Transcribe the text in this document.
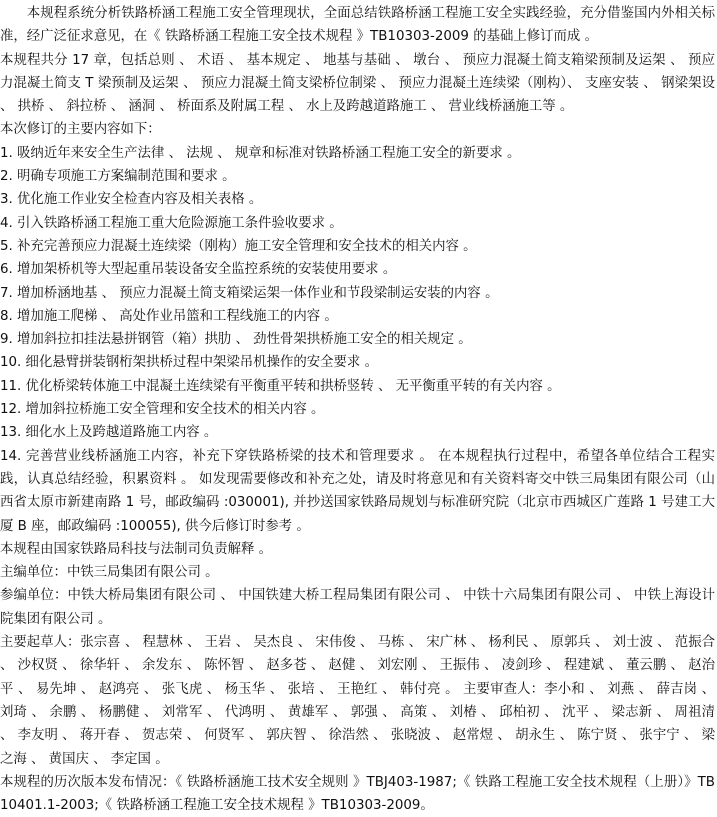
本规程系统分析铁路桥涵工程施工安全管理现状，全面总结铁路桥涵工程施工安全实践经验，充分借鉴国内外相关标准，经广泛征求意见，在《 铁路桥涵工程施工安全技术规程 》TB10303-2009 的基础上修订而成 。

本规程共分 17 章，包括总则 、 术语 、 基本规定 、 地基与基础 、 墩台 、 预应力混凝土简支箱梁预制及运架 、 预应力混凝土简支 T 梁预制及运架 、 预应力混凝土简支梁桥位制梁 、 预应力混凝土连续梁（刚构）、 支座安装 、 钢梁架设 、 拱桥 、 斜拉桥 、 涵洞 、 桥面系及附属工程 、 水上及跨越道路施工 、 营业线桥涵施工等 。

本次修订的主要内容如下：

1. 吸纳近年来安全生产法律 、 法规 、 规章和标准对铁路桥涵工程施工安全的新要求 。

2. 明确专项施工方案编制范围和要求 。

3. 优化施工作业安全检查内容及相关表格 。

4. 引入铁路桥涵工程施工重大危险源施工条件验收要求 。

5. 补充完善预应力混凝土连续梁（刚构）施工安全管理和安全技术的相关内容 。

6. 增加架桥机等大型起重吊装设备安全监控系统的安装使用要求 。

7. 增加桥涵地基 、 预应力混凝土简支箱梁运架一体作业和节段梁制运安装的内容 。

8. 增加施工爬梯 、 高处作业吊篮和工程线施工的内容 。

9. 增加斜拉扣挂法悬拼钢管（箱）拱肋 、 劲性骨架拱桥施工安全的相关规定 。

10. 细化悬臂拼装钢桁架拱桥过程中架梁吊机操作的安全要求 。

11. 优化桥梁转体施工中混凝土连续梁有平衡重平转和拱桥竖转 、 无平衡重平转的有关内容 。

12. 增加斜拉桥施工安全管理和安全技术的相关内容 。

13. 细化水上及跨越道路施工内容 。

14. 完善营业线桥涵施工内容，补充下穿铁路桥梁的技术和管理要求 。 在本规程执行过程中，希望各单位结合工程实践，认真总结经验，积累资料 。 如发现需要修改和补充之处，请及时将意见和有关资料寄交中铁三局集团有限公司（山西省太原市新建南路 1 号，邮政编码 :030001), 并抄送国家铁路局规划与标准研究院（北京市西城区广莲路 1 号建工大厦 B 座，邮政编码 :100055), 供今后修订时参考 。

本规程由国家铁路局科技与法制司负责解释 。

主编单位：中铁三局集团有限公司 。

参编单位：中铁大桥局集团有限公司 、 中国铁建大桥工程局集团有限公司 、 中铁十六局集团有限公司 、 中铁上海设计院集团有限公司 。

主要起草人：张宗喜 、 程慧林 、 王岩 、 吴杰良 、 宋伟俊 、 马栋 、 宋广林 、 杨利民 、 原郭兵 、 刘士波 、 范振合 、 沙权贤 、 徐华轩 、 余发东 、 陈怀智 、 赵多苍 、 赵健 、 刘宏刚 、 王振伟 、 凌剑珍 、 程建斌 、 董云鹏 、 赵治平 、 易先坤 、 赵鸿亮 、 张飞虎 、 杨玉华 、 张培 、 王艳红 、 韩付亮 。 主要审查人：李小和 、 刘燕 、 薛吉岗 、 刘琦 、 余鹏 、 杨鹏健 、 刘常军 、 代鸿明 、 黄雄军 、 郭强 、 高策 、 刘椿 、 邱柏初 、 沈平 、 梁志新 、 周祖清 、 李友明 、 蒋开春 、 贺志荣 、 何贤军 、 郭庆智 、 徐浩然 、 张晓波 、 赵常煜 、 胡永生 、 陈宁贤 、 张宇宁 、 梁之海 、 黄国庆 、 李定国 。

本规程的历次版本发布情况：《 铁路桥涵施工技术安全规则 》TBJ403-1987;《 铁路工程施工安全技术规程（上册）》TB10401.1-2003;《 铁路桥涵工程施工安全技术规程 》TB10303-2009。
